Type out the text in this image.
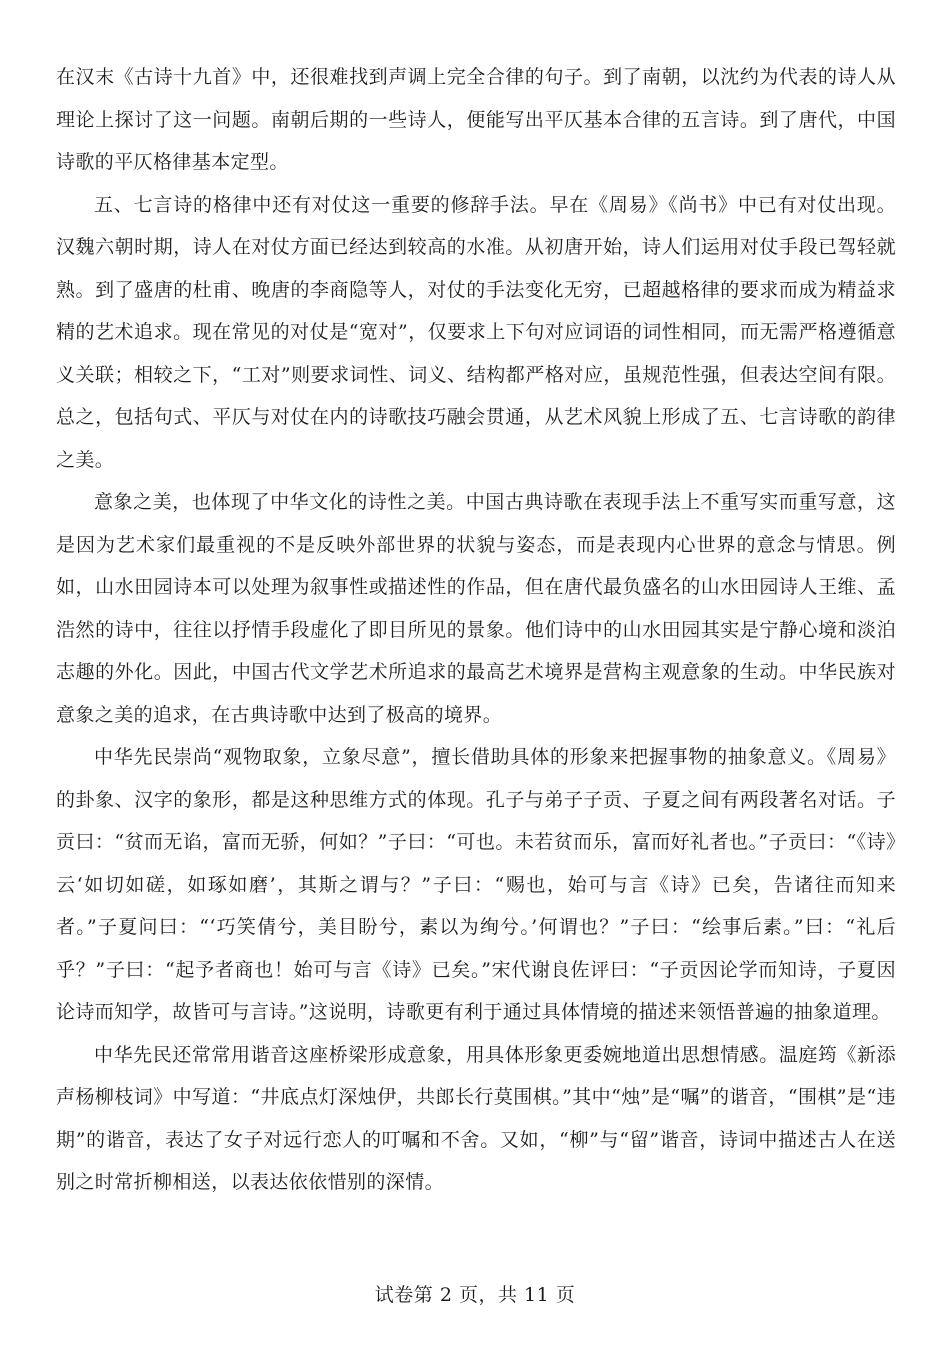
在汉末《古诗十九首》中，还很难找到声调上完全合律的句子。到了南朝，以沈约为代表的诗人从理论上探讨了这一问题。南朝后期的一些诗人，便能写出平仄基本合律的五言诗。到了唐代，中国诗歌的平仄格律基本定型。

五、七言诗的格律中还有对仗这一重要的修辞手法。早在《周易》《尚书》中已有对仗出现。汉魏六朝时期，诗人在对仗方面已经达到较高的水准。从初唐开始，诗人们运用对仗手段已驾轻就熟。到了盛唐的杜甫、晚唐的李商隐等人，对仗的手法变化无穷，已超越格律的要求而成为精益求精的艺术追求。现在常见的对仗是“宽对”，仅要求上下句对应词语的词性相同，而无需严格遵循意义关联；相较之下，“工对”则要求词性、词义、结构都严格对应，虽规范性强，但表达空间有限。总之，包括句式、平仄与对仗在内的诗歌技巧融会贯通，从艺术风貌上形成了五、七言诗歌的韵律之美。

意象之美，也体现了中华文化的诗性之美。中国古典诗歌在表现手法上不重写实而重写意，这是因为艺术家们最重视的不是反映外部世界的状貌与姿态，而是表现内心世界的意念与情思。例如，山水田园诗本可以处理为叙事性或描述性的作品，但在唐代最负盛名的山水田园诗人王维、孟浩然的诗中，往往以抒情手段虚化了即目所见的景象。他们诗中的山水田园其实是宁静心境和淡泊志趣的外化。因此，中国古代文学艺术所追求的最高艺术境界是营构主观意象的生动。中华民族对意象之美的追求，在古典诗歌中达到了极高的境界。

中华先民崇尚“观物取象，立象尽意”，擅长借助具体的形象来把握事物的抽象意义。《周易》的卦象、汉字的象形，都是这种思维方式的体现。孔子与弟子子贡、子夏之间有两段著名对话。子贡曰：“贫而无谄，富而无骄，何如？”子曰：“可也。未若贫而乐，富而好礼者也。”子贡曰：“《诗》云‘如切如磋，如琢如磨’，其斯之谓与？”子曰：“赐也，始可与言《诗》已矣，告诸往而知来者。”子夏问曰：“‘巧笑倩兮，美目盼兮，素以为绚兮。’何谓也？”子曰：“绘事后素。”曰：“礼后乎？”子曰：“起予者商也！始可与言《诗》已矣。”宋代谢良佐评曰：“子贡因论学而知诗，子夏因论诗而知学，故皆可与言诗。”这说明，诗歌更有利于通过具体情境的描述来领悟普遍的抽象道理。

中华先民还常常用谐音这座桥梁形成意象，用具体形象更委婉地道出思想情感。温庭筠《新添声杨柳枝词》中写道：“井底点灯深烛伊，共郎长行莫围棋。”其中“烛”是“嘱”的谐音，“围棋”是“违期”的谐音，表达了女子对远行恋人的叮嘱和不舍。又如，“柳”与“留”谐音，诗词中描述古人在送别之时常折柳相送，以表达依依惜别的深情。

试卷第 2 页，共 11 页
